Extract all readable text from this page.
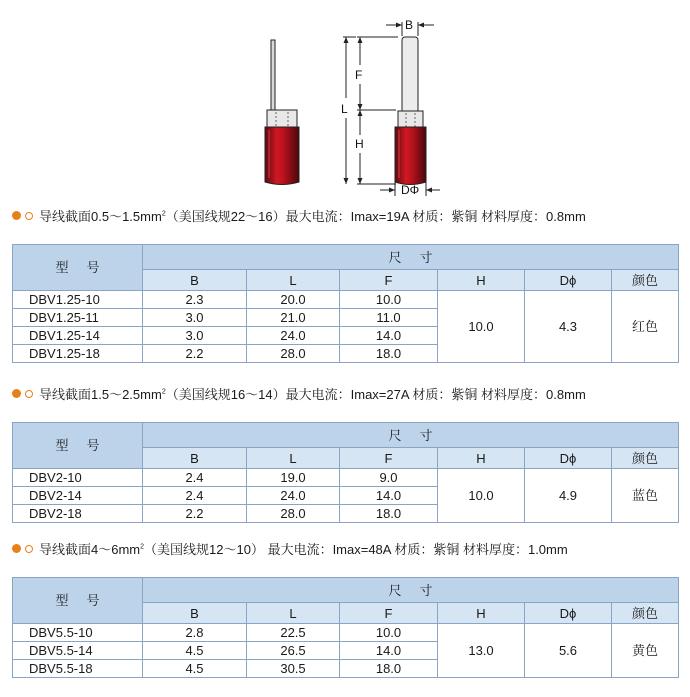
B
F
L
H
DΦ
导线截面$0.5\sim 1.5mm^2$（美国线规22～16）最大电流：Imax=19A 材质：紫铜 材料厚度：0.8mm
型号	尺寸					
	B	L	F	H	Dϕ	颜色
DBV1.25-10	2.3	20.0	10.0	10.0	4.3	红色
DBV1.25-11	3.0	21.0	11.0			
DBV1.25-14	3.0	24.0	14.0			
DBV1.25-18	2.2	28.0	18.0			
导线截面$1.5\sim 2.5mm^2$（美国线规16～14）最大电流：Imax=27A 材质：紫铜 材料厚度：0.8mm
型号	尺寸					
	B	L	F	H	Dϕ	颜色
DBV2-10	2.4	19.0	9.0	10.0	4.9	蓝色
DBV2-14	2.4	24.0	14.0			
DBV2-18	2.2	28.0	18.0			
导线截面$4\sim 6mm^2$（美国线规12～10） 最大电流：Imax=48A 材质：紫铜 材料厚度：1.0mm
型号	尺寸					
	B	L	F	H	Dϕ	颜色
DBV5.5-10	2.8	22.5	10.0	13.0	5.6	黄色
DBV5.5-14	4.5	26.5	14.0			
DBV5.5-18	4.5	30.5	18.0			
